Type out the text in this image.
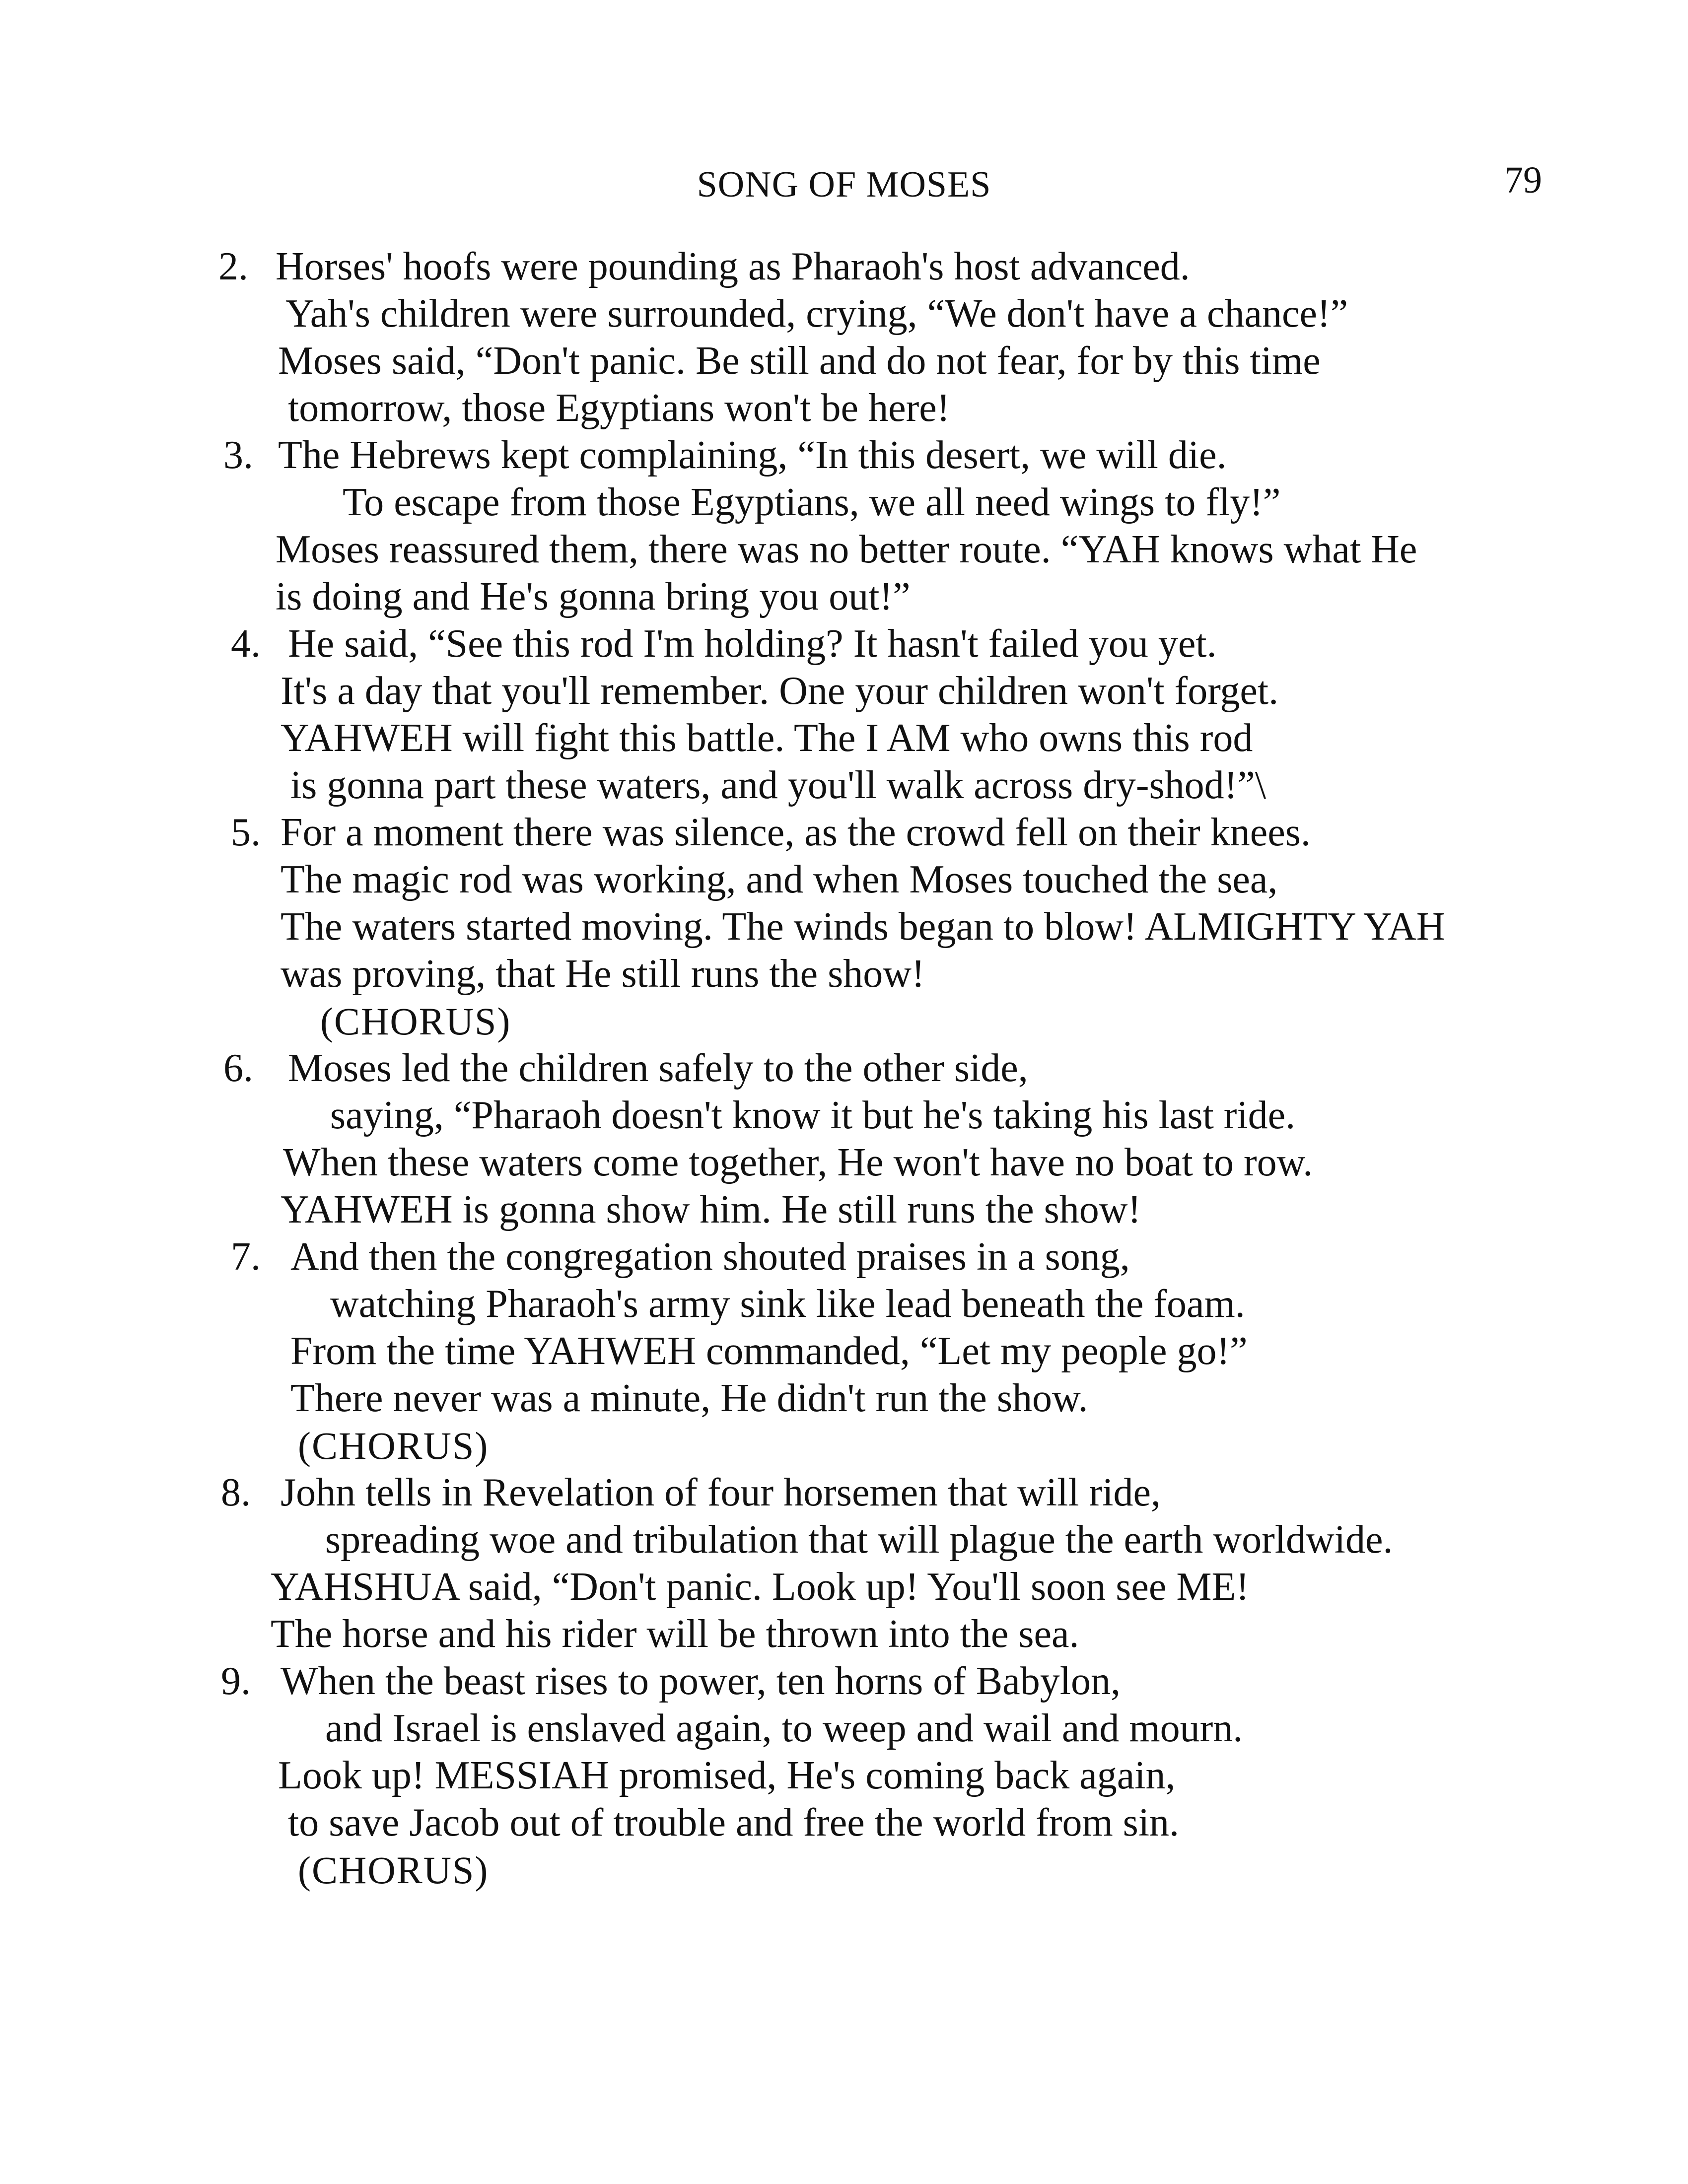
SONG OF MOSES	79
2. Horses' hoofs were pounding as Pharaoh's host advanced.
Yah's children were surrounded, crying, “We don't have a chance!”
Moses said, “Don't panic. Be still and do not fear, for by this time
tomorrow, those Egyptians won't be here!
3. The Hebrews kept complaining, “In this desert, we will die.
To escape from those Egyptians, we all need wings to fly!”
Moses reassured them, there was no better route. “YAH knows what He
is doing and He's gonna bring you out!”
4. He said, “See this rod I'm holding? It hasn't failed you yet.
It's a day that you'll remember. One your children won't forget.
YAHWEH will fight this battle. The I AM who owns this rod
is gonna part these waters, and you'll walk across dry-shod!”\
5. For a moment there was silence, as the crowd fell on their knees.
The magic rod was working, and when Moses touched the sea,
The waters started moving. The winds began to blow! ALMIGHTY YAH
was proving, that He still runs the show!
(CHORUS)
6. Moses led the children safely to the other side,
saying, “Pharaoh doesn't know it but he's taking his last ride.
When these waters come together, He won't have no boat to row.
YAHWEH is gonna show him. He still runs the show!
7. And then the congregation shouted praises in a song,
watching Pharaoh's army sink like lead beneath the foam.
From the time YAHWEH commanded, “Let my people go!”
There never was a minute, He didn't run the show.
(CHORUS)
8. John tells in Revelation of four horsemen that will ride,
spreading woe and tribulation that will plague the earth worldwide.
YAHSHUA said, “Don't panic. Look up! You'll soon see ME!
The horse and his rider will be thrown into the sea.
9. When the beast rises to power, ten horns of Babylon,
and Israel is enslaved again, to weep and wail and mourn.
Look up! MESSIAH promised, He's coming back again,
to save Jacob out of trouble and free the world from sin.
(CHORUS)
